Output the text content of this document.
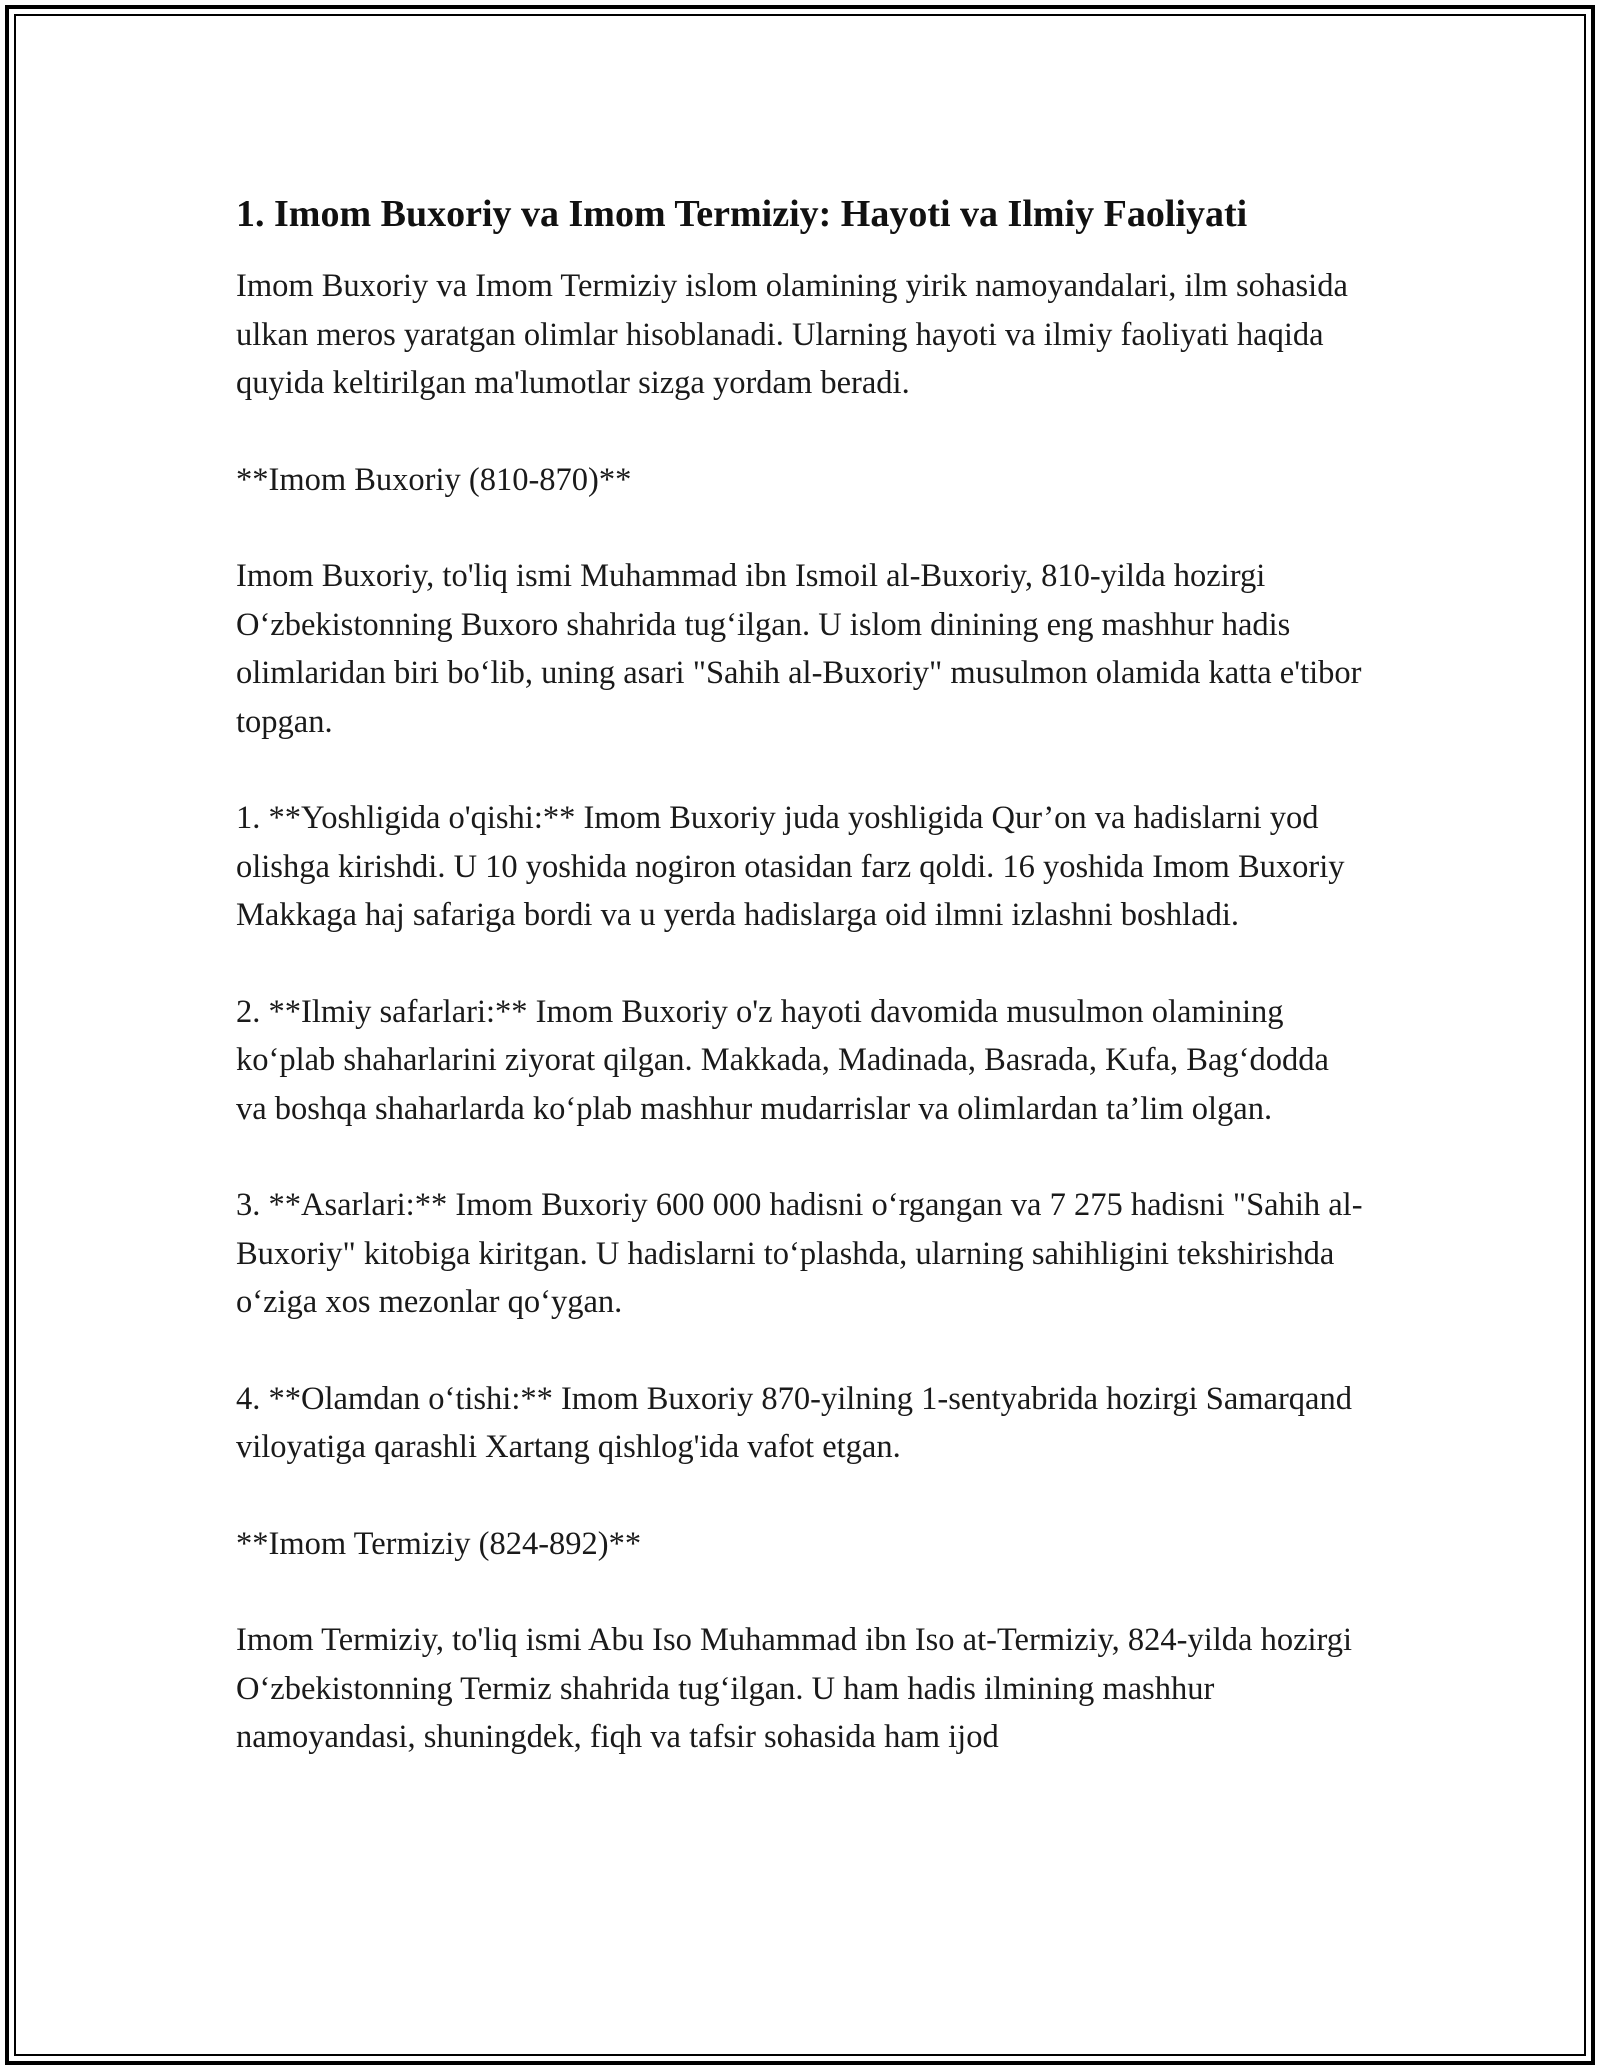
1. Imom Buxoriy va Imom Termiziy: Hayoti va Ilmiy Faoliyati

Imom Buxoriy va Imom Termiziy islom olamining yirik namoyandalari, ilm sohasida ulkan meros yaratgan olimlar hisoblanadi. Ularning hayoti va ilmiy faoliyati haqida quyida keltirilgan ma'lumotlar sizga yordam beradi.

**Imom Buxoriy (810-870)**

Imom Buxoriy, to'liq ismi Muhammad ibn Ismoil al-Buxoriy, 810-yilda hozirgi O‘zbekistonning Buxoro shahrida tug‘ilgan. U islom dinining eng mashhur hadis olimlaridan biri bo‘lib, uning asari "Sahih al-Buxoriy" musulmon olamida katta e'tibor topgan.

1. **Yoshligida o'qishi:** Imom Buxoriy juda yoshligida Qur’on va hadislarni yod olishga kirishdi. U 10 yoshida nogiron otasidan farz qoldi. 16 yoshida Imom Buxoriy Makkaga haj safariga bordi va u yerda hadislarga oid ilmni izlashni boshladi.

2. **Ilmiy safarlari:** Imom Buxoriy o'z hayoti davomida musulmon olamining ko‘plab shaharlarini ziyorat qilgan. Makkada, Madinada, Basrada, Kufa, Bag‘dodda va boshqa shaharlarda ko‘plab mashhur mudarrislar va olimlardan ta’lim olgan.

3. **Asarlari:** Imom Buxoriy 600 000 hadisni o‘rgangan va 7 275 hadisni "Sahih al-Buxoriy" kitobiga kiritgan. U hadislarni to‘plashda, ularning sahihligini tekshirishda o‘ziga xos mezonlar qo‘ygan.

4. **Olamdan o‘tishi:** Imom Buxoriy 870-yilning 1-sentyabrida hozirgi Samarqand viloyatiga qarashli Xartang qishlog'ida vafot etgan.

**Imom Termiziy (824-892)**

Imom Termiziy, to'liq ismi Abu Iso Muhammad ibn Iso at-Termiziy, 824-yilda hozirgi O‘zbekistonning Termiz shahrida tug‘ilgan. U ham hadis ilmining mashhur namoyandasi, shuningdek, fiqh va tafsir sohasida ham ijod
